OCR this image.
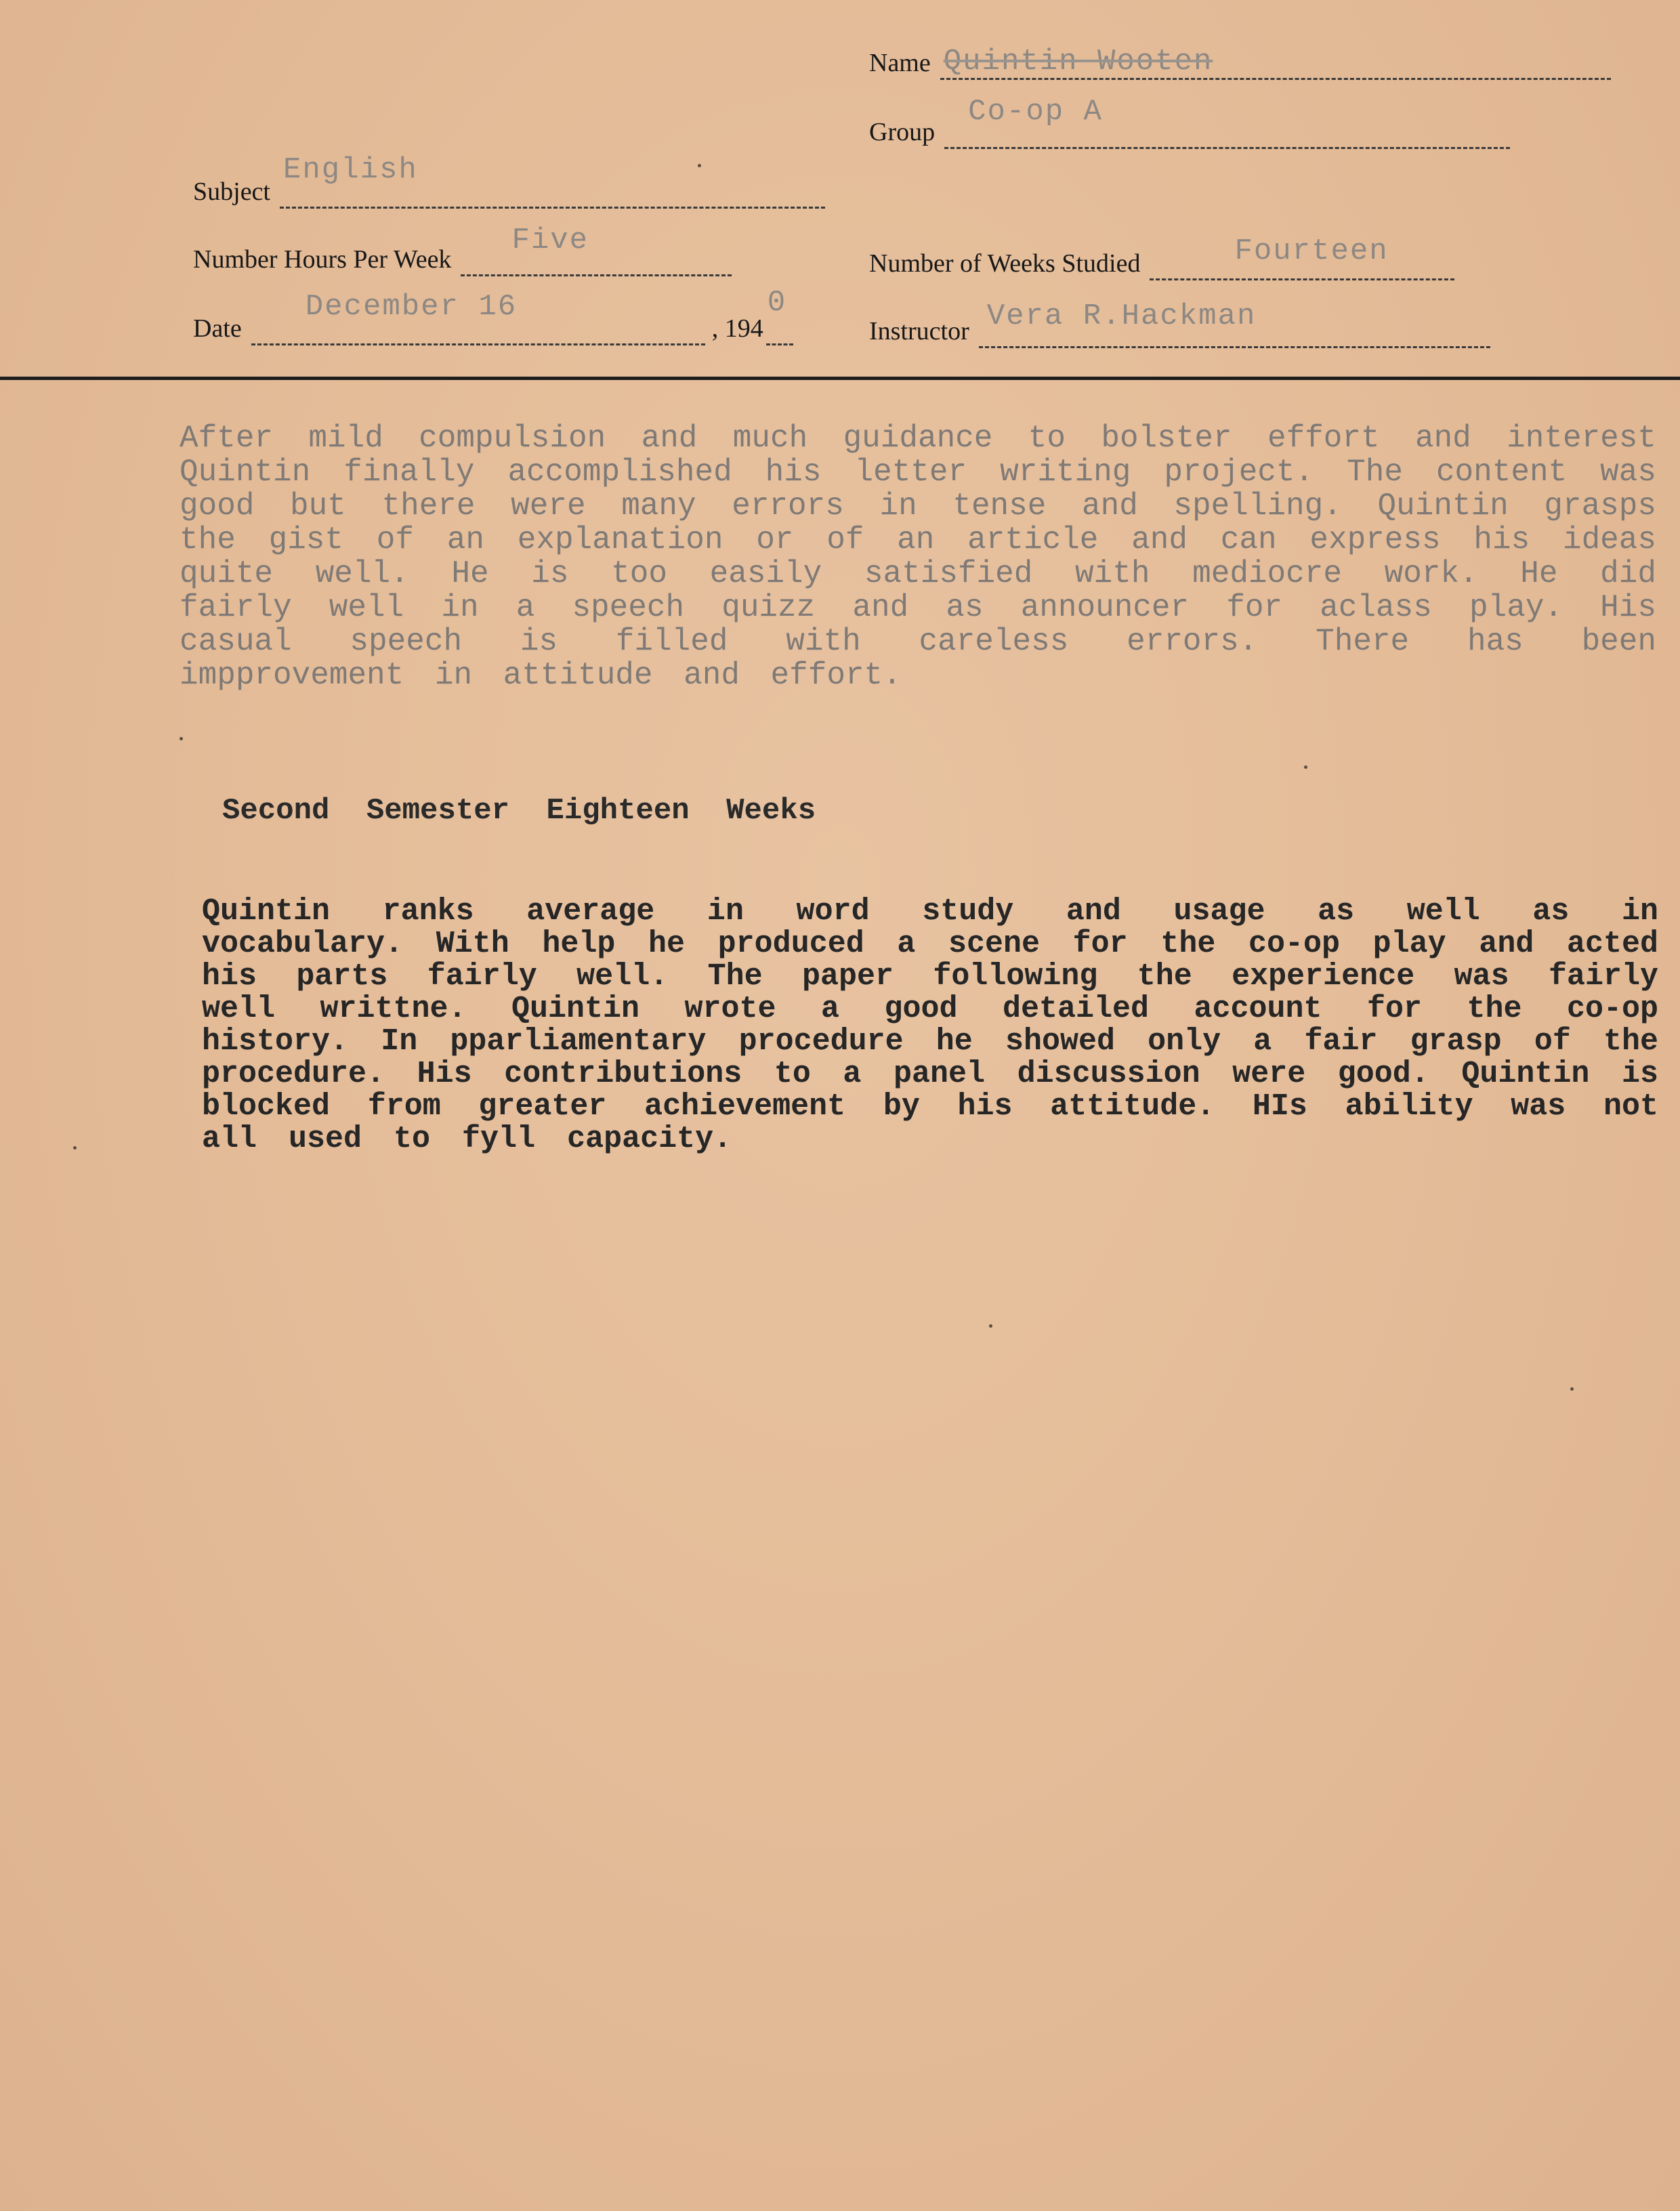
Name Quintin Wooten
Group
Co-op A
Subject
English
Number Hours Per Week
Five
Number of Weeks Studied	Fourteen
Date
December 16
, 194
0
Instructor Vera R.Hackman

After mild compulsion and much guidance to bolster effort and interest Quintin finally accomplished his letter writing project. The content was good but there were many errors in tense and spelling. Quintin grasps the gist of an explanation or of an article and can express his ideas quite well. He is too easily satisfied with mediocre work. He did fairly well in a speech quizz and as announcer for aclass play. His casual speech is filled with careless errors. There has been impprovement in attitude and effort.

Second Semester Eighteen Weeks

Quintin ranks average in word study and usage as well as in vocabulary. With help he produced a scene for the co-op play and acted his parts fairly well. The paper following the experience was fairly well writtne. Quintin wrote a good detailed account for the co-op history. In pparliamentary procedure he showed only a fair grasp of the procedure. His contributions to a panel discussion were good. Quintin is blocked from greater achievement by his attitude. HIs ability was not all used to fyll capacity.
